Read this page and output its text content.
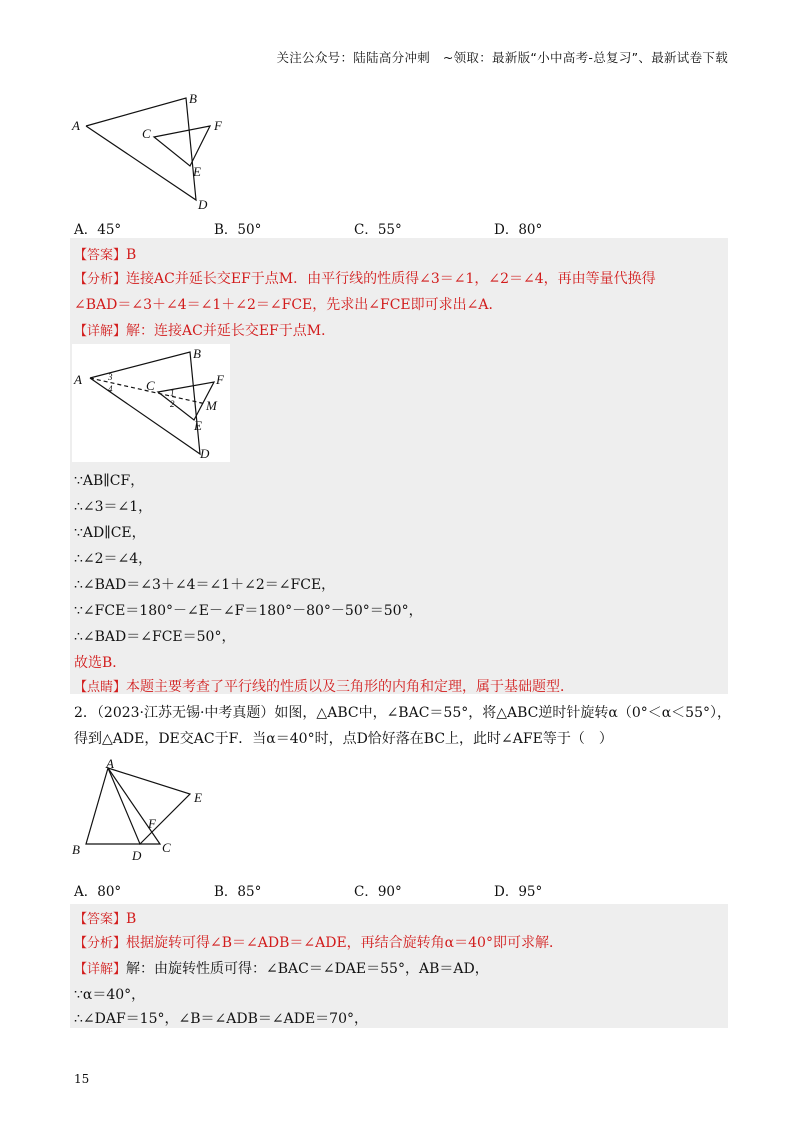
关注公众号：陆陆高分冲刺　~领取：最新版“小中高考-总复习”、最新试卷下载
A
B
C
F
E
D
A．45°	B．50°	C．55°	D．80°
【答案】B
【分析】连接AC并延长交EF于点M．由平行线的性质得∠3＝∠1，∠2＝∠4，再由等量代换得
∠BAD＝∠3＋∠4＝∠1＋∠2＝∠FCE，先求出∠FCE即可求出∠A．
【详解】解：连接AC并延长交EF于点M．
A
B
C	F
M
E
D
3
4	1
2
∵AB∥CF，
∴∠3＝∠1，
∵AD∥CE，
∴∠2＝∠4，
∴∠BAD＝∠3＋∠4＝∠1＋∠2＝∠FCE，
∵∠FCE＝180°－∠E－∠F＝180°－80°－50°＝50°，
∴∠BAD＝∠FCE＝50°，
故选B．
【点睛】本题主要考查了平行线的性质以及三角形的内角和定理，属于基础题型．
2．（2023·江苏无锡·中考真题）如图，△ABC中，∠BAC＝55°，将△ABC逆时针旋转α（0°＜α＜55°），
得到△ADE，DE交AC于F．当α＝40°时，点D恰好落在BC上，此时∠AFE等于（　）
A
B	C
D
E
F
A．80°	B．85°	C．90°	D．95°
【答案】B
【分析】根据旋转可得∠B＝∠ADB＝∠ADE，再结合旋转角α＝40°即可求解．
【详解】解：由旋转性质可得：∠BAC＝∠DAE＝55°，AB＝AD，
∵α＝40°，
∴∠DAF＝15°，∠B＝∠ADB＝∠ADE＝70°，
15
